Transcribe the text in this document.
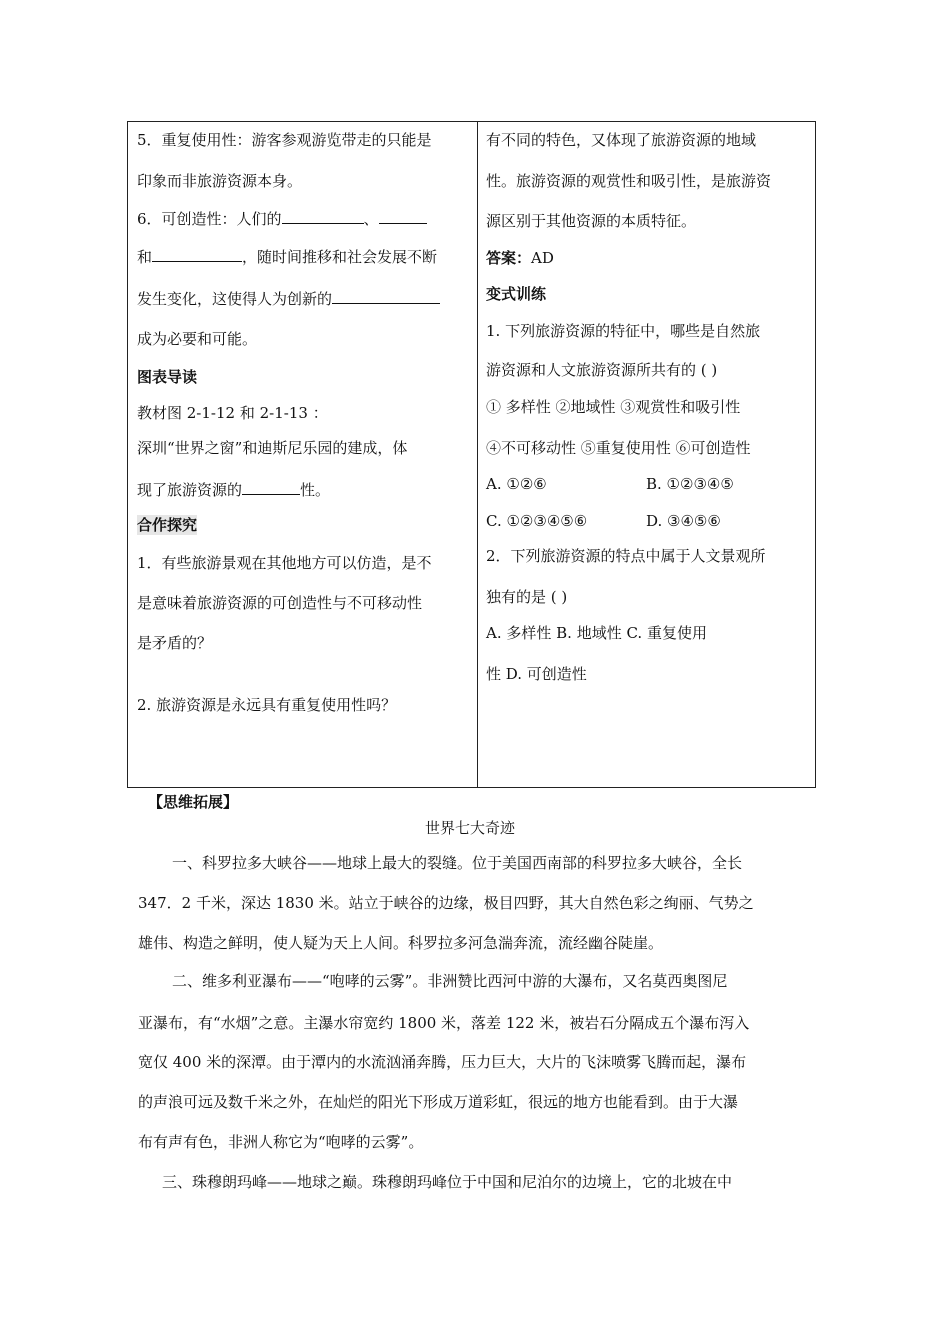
5．重复使用性：游客参观游览带走的只能是
印象而非旅游资源本身。
6．可创造性：人们的	、
和	，随时间推移和社会发展不断
发生变化，这使得人为创新的
成为必要和可能。
图表导读
教材图 2-1-12 和 2-1-13 ：
深圳“世界之窗”和迪斯尼乐园的建成，体
现了旅游资源的	性。
合作探究
1．有些旅游景观在其他地方可以仿造，是不
是意味着旅游资源的可创造性与不可移动性
是矛盾的？
2. 旅游资源是永远具有重复使用性吗？
有不同的特色，又体现了旅游资源的地域
性。旅游资源的观赏性和吸引性，是旅游资
源区别于其他资源的本质特征。
答案：AD
变式训练
1. 下列旅游资源的特征中，哪些是自然旅
游资源和人文旅游资源所共有的 ( )
① 多样性 ②地域性 ③观赏性和吸引性
④不可移动性 ⑤重复使用性 ⑥可创造性
A. ①②⑥	B. ①②③④⑤
C. ①②③④⑤⑥	D. ③④⑤⑥
2．下列旅游资源的特点中属于人文景观所
独有的是 ( )
A. 多样性 B. 地域性 C. 重复使用
性 D. 可创造性
【思维拓展】
世界七大奇迹
一、科罗拉多大峡谷——地球上最大的裂缝。位于美国西南部的科罗拉多大峡谷，全长
347．2 千米，深达 1830 米。站立于峡谷的边缘，极目四野，其大自然色彩之绚丽、气势之
雄伟、构造之鲜明，使人疑为天上人间。科罗拉多河急湍奔流，流经幽谷陡崖。
二、维多利亚瀑布——“咆哮的云雾”。非洲赞比西河中游的大瀑布，又名莫西奥图尼
亚瀑布，有“水烟”之意。主瀑水帘宽约 1800 米，落差 122 米，被岩石分隔成五个瀑布泻入
宽仅 400 米的深潭。由于潭内的水流汹涌奔腾，压力巨大，大片的飞沫喷雾飞腾而起，瀑布
的声浪可远及数千米之外，在灿烂的阳光下形成万道彩虹，很远的地方也能看到。由于大瀑
布有声有色，非洲人称它为“咆哮的云雾”。
三、珠穆朗玛峰——地球之巅。珠穆朗玛峰位于中国和尼泊尔的边境上，它的北坡在中
